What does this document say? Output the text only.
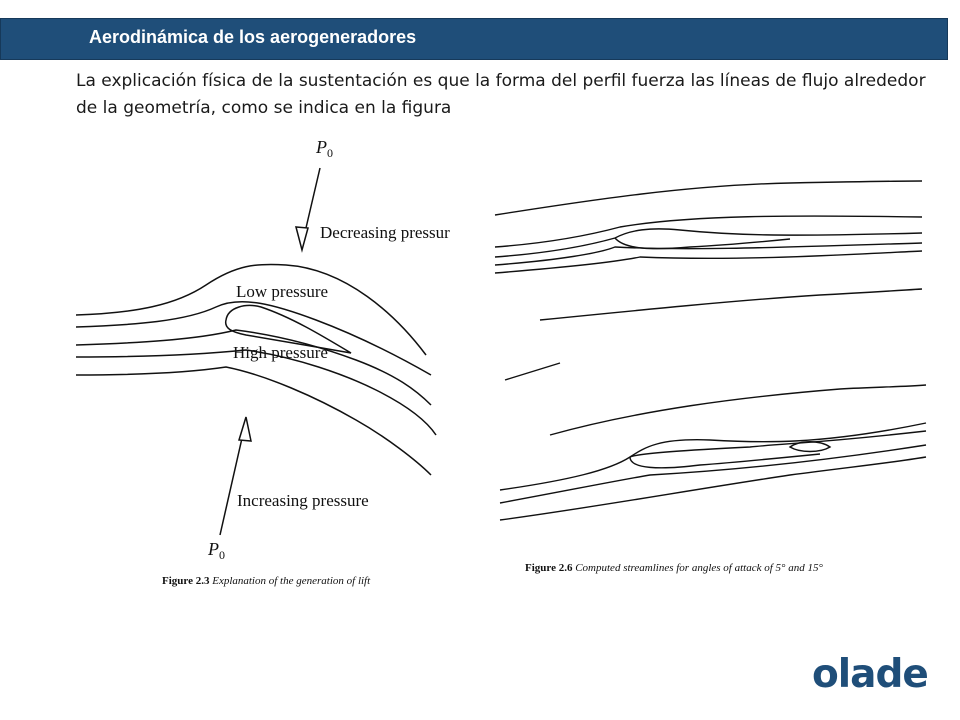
Aerodinámica de los aerogeneradores
La explicación física de la sustentación es que la forma del perfil fuerza las líneas de flujo alrededor de la geometría, como se indica en la figura
P 0
Decreasing pressur
Low pressure
High pressure
Increasing pressure
P 0
Figure 2.3 Explanation of the generation of lift
Figure 2.6 Computed streamlines for angles of attack of 5° and 15°
olade
